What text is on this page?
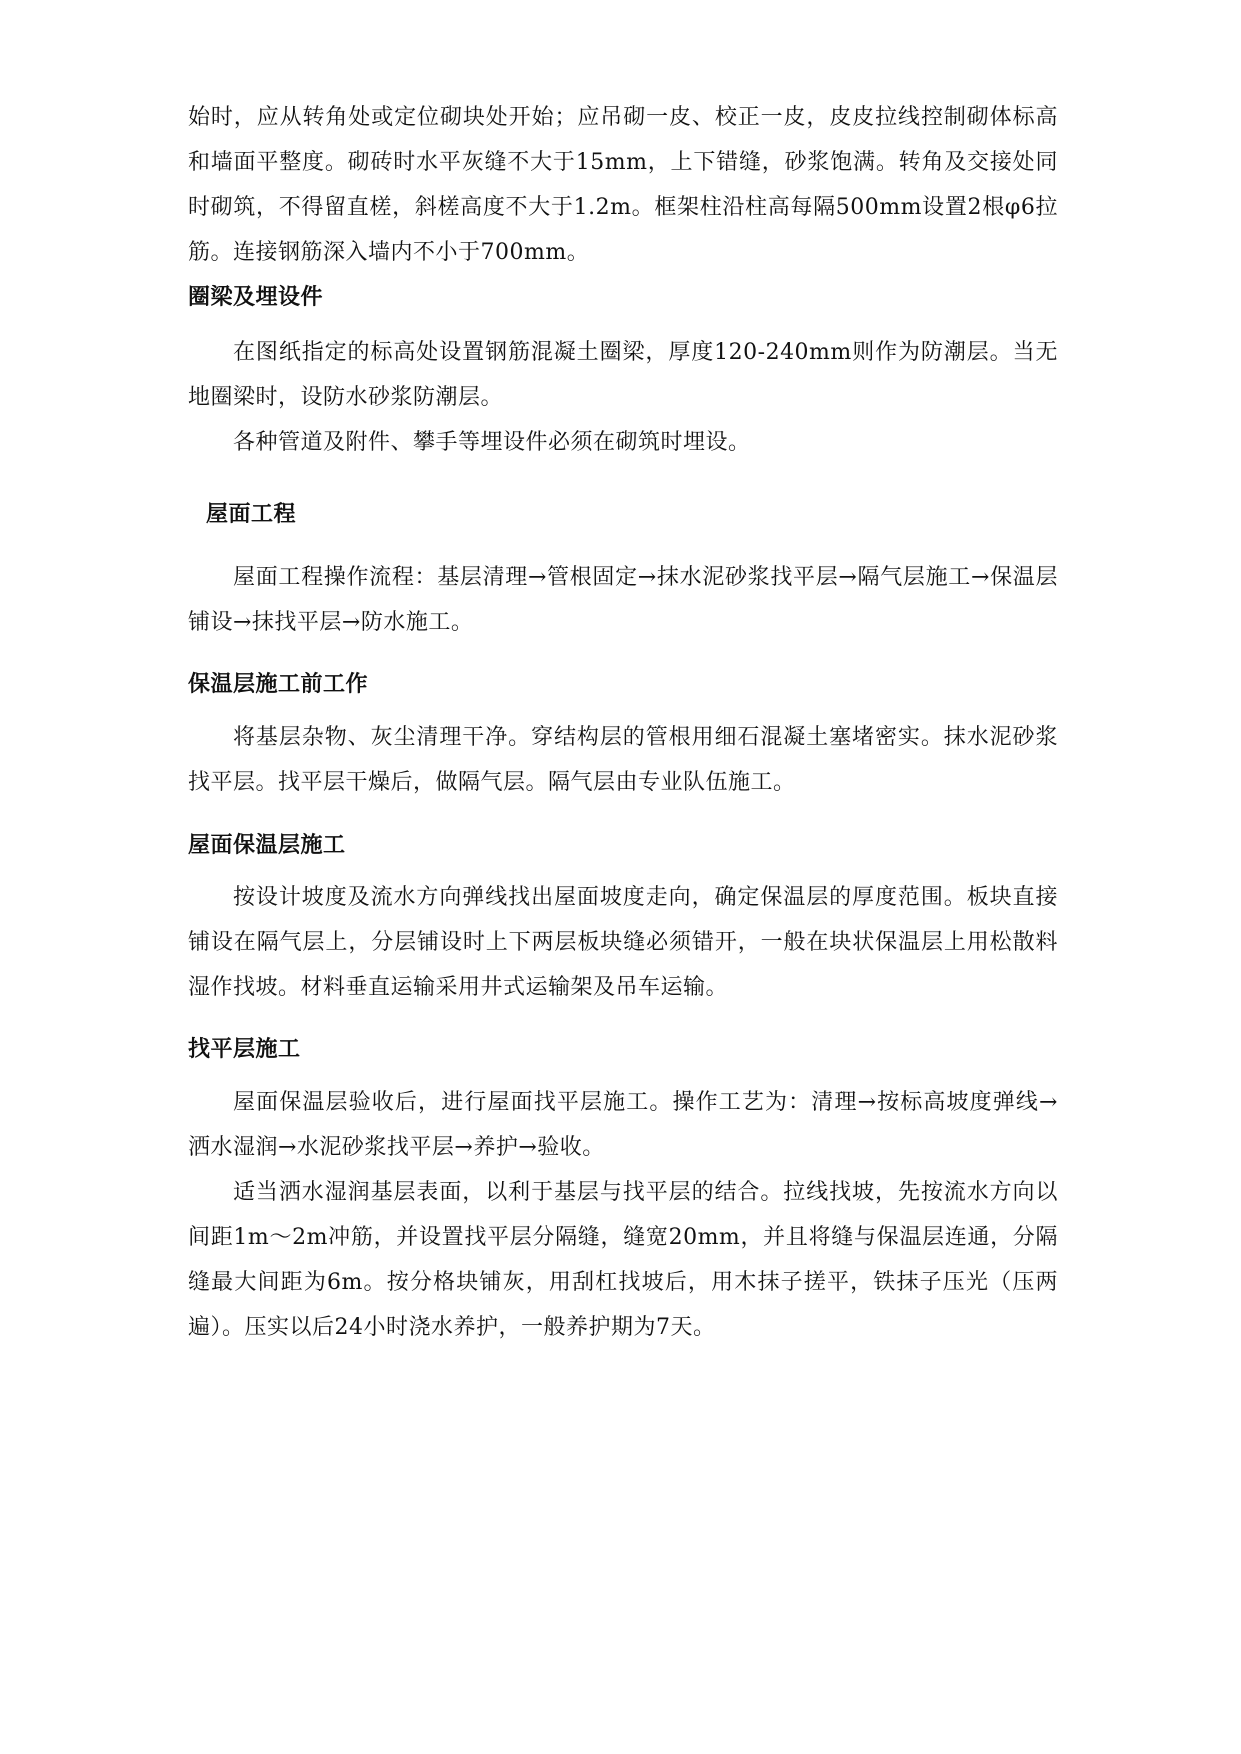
始时，应从转角处或定位砌块处开始；应吊砌一皮、校正一皮，皮皮拉线控制砌体标高和墙面平整度。砌砖时水平灰缝不大于15mm，上下错缝，砂浆饱满。转角及交接处同时砌筑，不得留直槎，斜槎高度不大于1.2m。框架柱沿柱高每隔500mm设置2根φ6拉筋。连接钢筋深入墙内不小于700mm。

圈梁及埋设件

在图纸指定的标高处设置钢筋混凝土圈梁，厚度120-240mm则作为防潮层。当无地圈梁时，设防水砂浆防潮层。

各种管道及附件、攀手等埋设件必须在砌筑时埋设。

屋面工程

屋面工程操作流程：基层清理→管根固定→抹水泥砂浆找平层→隔气层施工→保温层铺设→抹找平层→防水施工。

保温层施工前工作

将基层杂物、灰尘清理干净。穿结构层的管根用细石混凝土塞堵密实。抹水泥砂浆找平层。找平层干燥后，做隔气层。隔气层由专业队伍施工。

屋面保温层施工

按设计坡度及流水方向弹线找出屋面坡度走向，确定保温层的厚度范围。板块直接铺设在隔气层上，分层铺设时上下两层板块缝必须错开，一般在块状保温层上用松散料湿作找坡。材料垂直运输采用井式运输架及吊车运输。

找平层施工

屋面保温层验收后，进行屋面找平层施工。操作工艺为：清理→按标高坡度弹线→洒水湿润→水泥砂浆找平层→养护→验收。

适当洒水湿润基层表面，以利于基层与找平层的结合。拉线找坡，先按流水方向以间距1m～2m冲筋，并设置找平层分隔缝，缝宽20mm，并且将缝与保温层连通，分隔缝最大间距为6m。按分格块铺灰，用刮杠找坡后，用木抹子搓平，铁抹子压光（压两遍）。压实以后24小时浇水养护，一般养护期为7天。
